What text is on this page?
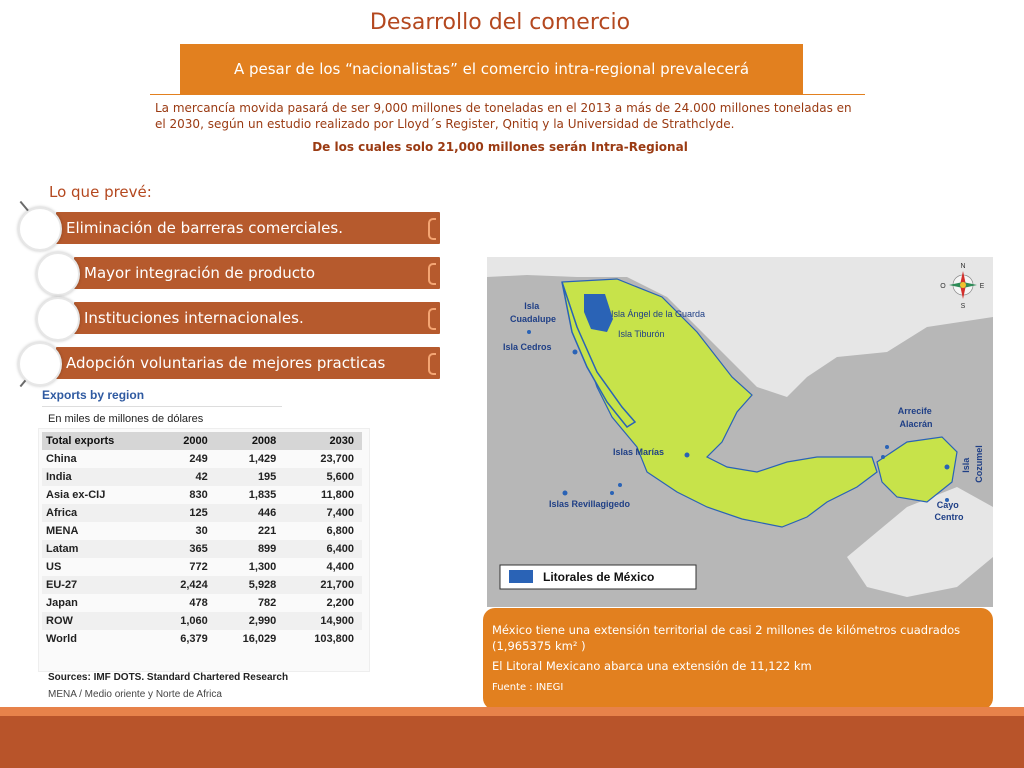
Desarrollo del comercio
A pesar de los “nacionalistas” el comercio intra-regional prevalecerá
La mercancía movida pasará de ser 9,000 millones de toneladas en el 2013 a más de 24.000 millones toneladas en el 2030, según un estudio realizado por Lloyd´s Register, Qnitiq y la Universidad de Strathclyde.
De los cuales solo 21,000 millones serán Intra-Regional
Lo que prevé:
Eliminación de barreras comerciales.
Mayor integración de producto
Instituciones internacionales.
Adopción voluntarias de mejores practicas
Exports by region
En miles de millones de dólares
Total exports	2000	2008	2030
China	249	1,429	23,700
India	42	195	5,600
Asia ex-CIJ	830	1,835	11,800
Africa	125	446	7,400
MENA	30	221	6,800
Latam	365	899	6,400
US	772	1,300	4,400
EU-27	2,424	5,928	21,700
Japan	478	782	2,200
ROW	1,060	2,990	14,900
World	6,379	16,029	103,800
Sources: IMF DOTS. Standard Chartered Research
MENA / Medio oriente y Norte de Africa
Isla Cuadalupe
Isla Cedros
Isla Ángel de la Guarda
Isla Tiburón
Islas Marías
Islas Revillagigedo
Arrecife Alacrán
Cayo Centro
Isla Cozumel
N
S
E
O
Litorales de México
México tiene una extensión territorial de casi 2 millones de kilómetros cuadrados (1,965375 km² )
El Litoral Mexicano abarca una extensión de 11,122 km
Fuente : INEGI
